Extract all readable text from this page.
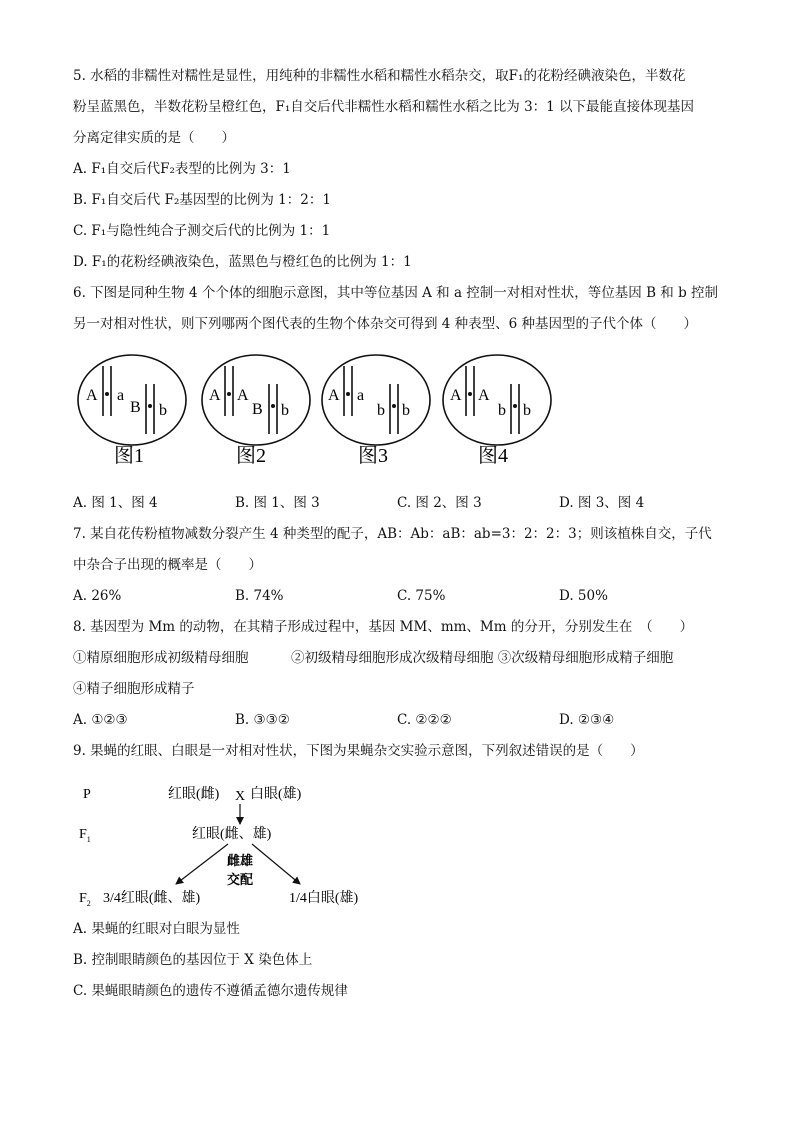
5. 水稻的非糯性对糯性是显性，用纯种的非糯性水稻和糯性水稻杂交，取F₁的花粉经碘液染色，半数花
粉呈蓝黑色，半数花粉呈橙红色，F₁自交后代非糯性水稻和糯性水稻之比为 3：1 以下最能直接体现基因
分离定律实质的是（　　）
A. F₁自交后代F₂表型的比例为 3：1
B. F₁自交后代 F₂基因型的比例为 1：2：1
C. F₁与隐性纯合子测交后代的比例为 1：1
D. F₁的花粉经碘液染色，蓝黑色与橙红色的比例为 1：1
6. 下图是同种生物 4 个个体的细胞示意图，其中等位基因 A 和 a 控制一对相对性状，等位基因 B 和 b 控制
另一对相对性状，则下列哪两个图代表的生物个体杂交可得到 4 种表型、6 种基因型的子代个体（　　）
A a
B b
图1
A A
B b
图2
A a
b b
图3
A A
b b
图4
A. 图 1、图 4	B. 图 1、图 3	C. 图 2、图 3	D. 图 3、图 4
7. 某自花传粉植物减数分裂产生 4 种类型的配子，AB：Ab：aB：ab=3：2：2：3；则该植株自交，子代
中杂合子出现的概率是（　　）
A. 26%	B. 74%	C. 75%	D. 50%
8. 基因型为 Mm 的动物，在其精子形成过程中，基因 MM、mm、Mm 的分开，分别发生在　（　　）
①精原细胞形成初级精母细胞	②初级精母细胞形成次级精母细胞 ③次级精母细胞形成精子细胞
④精子细胞形成精子
A. ①②③	B. ③③②	C. ②②②	D. ②③④
9. 果蝇的红眼、白眼是一对相对性状，下图为果蝇杂交实验示意图，下列叙述错误的是（　　）
P	红眼(雌) X 白眼(雄)
$F_1$	红眼(雌、雄)
雌雄
交配
$F_2$ 3/4红眼(雌、雄)	1/4白眼(雄)
A. 果蝇的红眼对白眼为显性
B. 控制眼睛颜色的基因位于 X 染色体上
C. 果蝇眼睛颜色的遗传不遵循孟德尔遗传规律
